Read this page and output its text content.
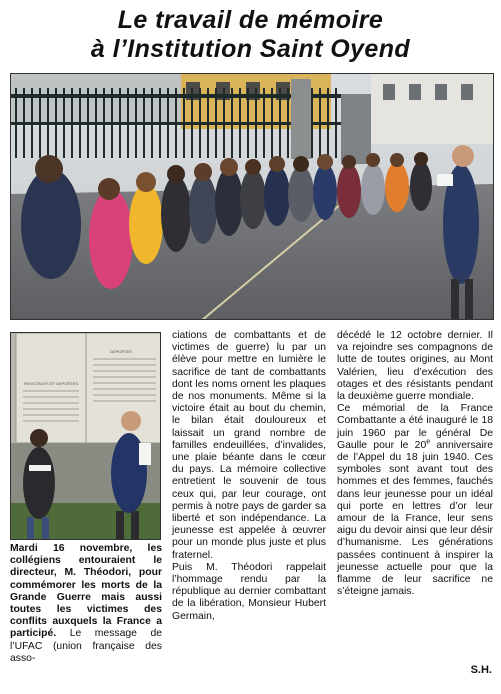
Le travail de mémoire
à l’Institution Saint Oyend
RESISTANTS ET DEPORTES
DEPORTES
Mardi 16 novembre, les collégiens entouraient le directeur, M. Théodori, pour commémorer les morts de la Grande Guerre mais aussi toutes les victimes des conflits auxquels la France a participé. Le message de l’UFAC (union française des asso-

ciations de combattants et de victimes de guerre) lu par un élève pour mettre en lumière le sacrifice de tant de combattants dont les noms ornent les plaques de nos monuments. Même si la victoire était au bout du chemin, le bilan était douloureux et laissait un grand nombre de familles endeuillées, d’invalides, une plaie béante dans le cœur du pays. La mémoire collective entretient le souvenir de tous ceux qui, par leur courage, ont permis à notre pays de garder sa liberté et son indépendance. La jeunesse est appelée à œuvrer pour un monde plus juste et plus fraternel.

Puis M. Théodori rappelait l’hommage rendu par la république au dernier combattant de la libération, Monsieur Hubert Germain,

décédé le 12 octobre dernier. Il va rejoindre ses compagnons de lutte de toutes origines, au Mont Valérien, lieu d’exécution des otages et des résistants pendant la deuxième guerre mondiale.

Ce mémorial de la France Combattante a été inauguré le 18 juin 1960 par le général De Gaulle pour le 20e anniversaire de l’Appel du 18 juin 1940. Ces symboles sont avant tout des hommes et des femmes, fauchés dans leur jeunesse pour un idéal qui porte en lettres d’or leur amour de la France, leur sens aigu du devoir ainsi que leur désir d’humanisme. Les générations passées continuent à inspirer la jeunesse actuelle pour que la flamme de leur sacrifice ne s’éteigne jamais.

S.H.
